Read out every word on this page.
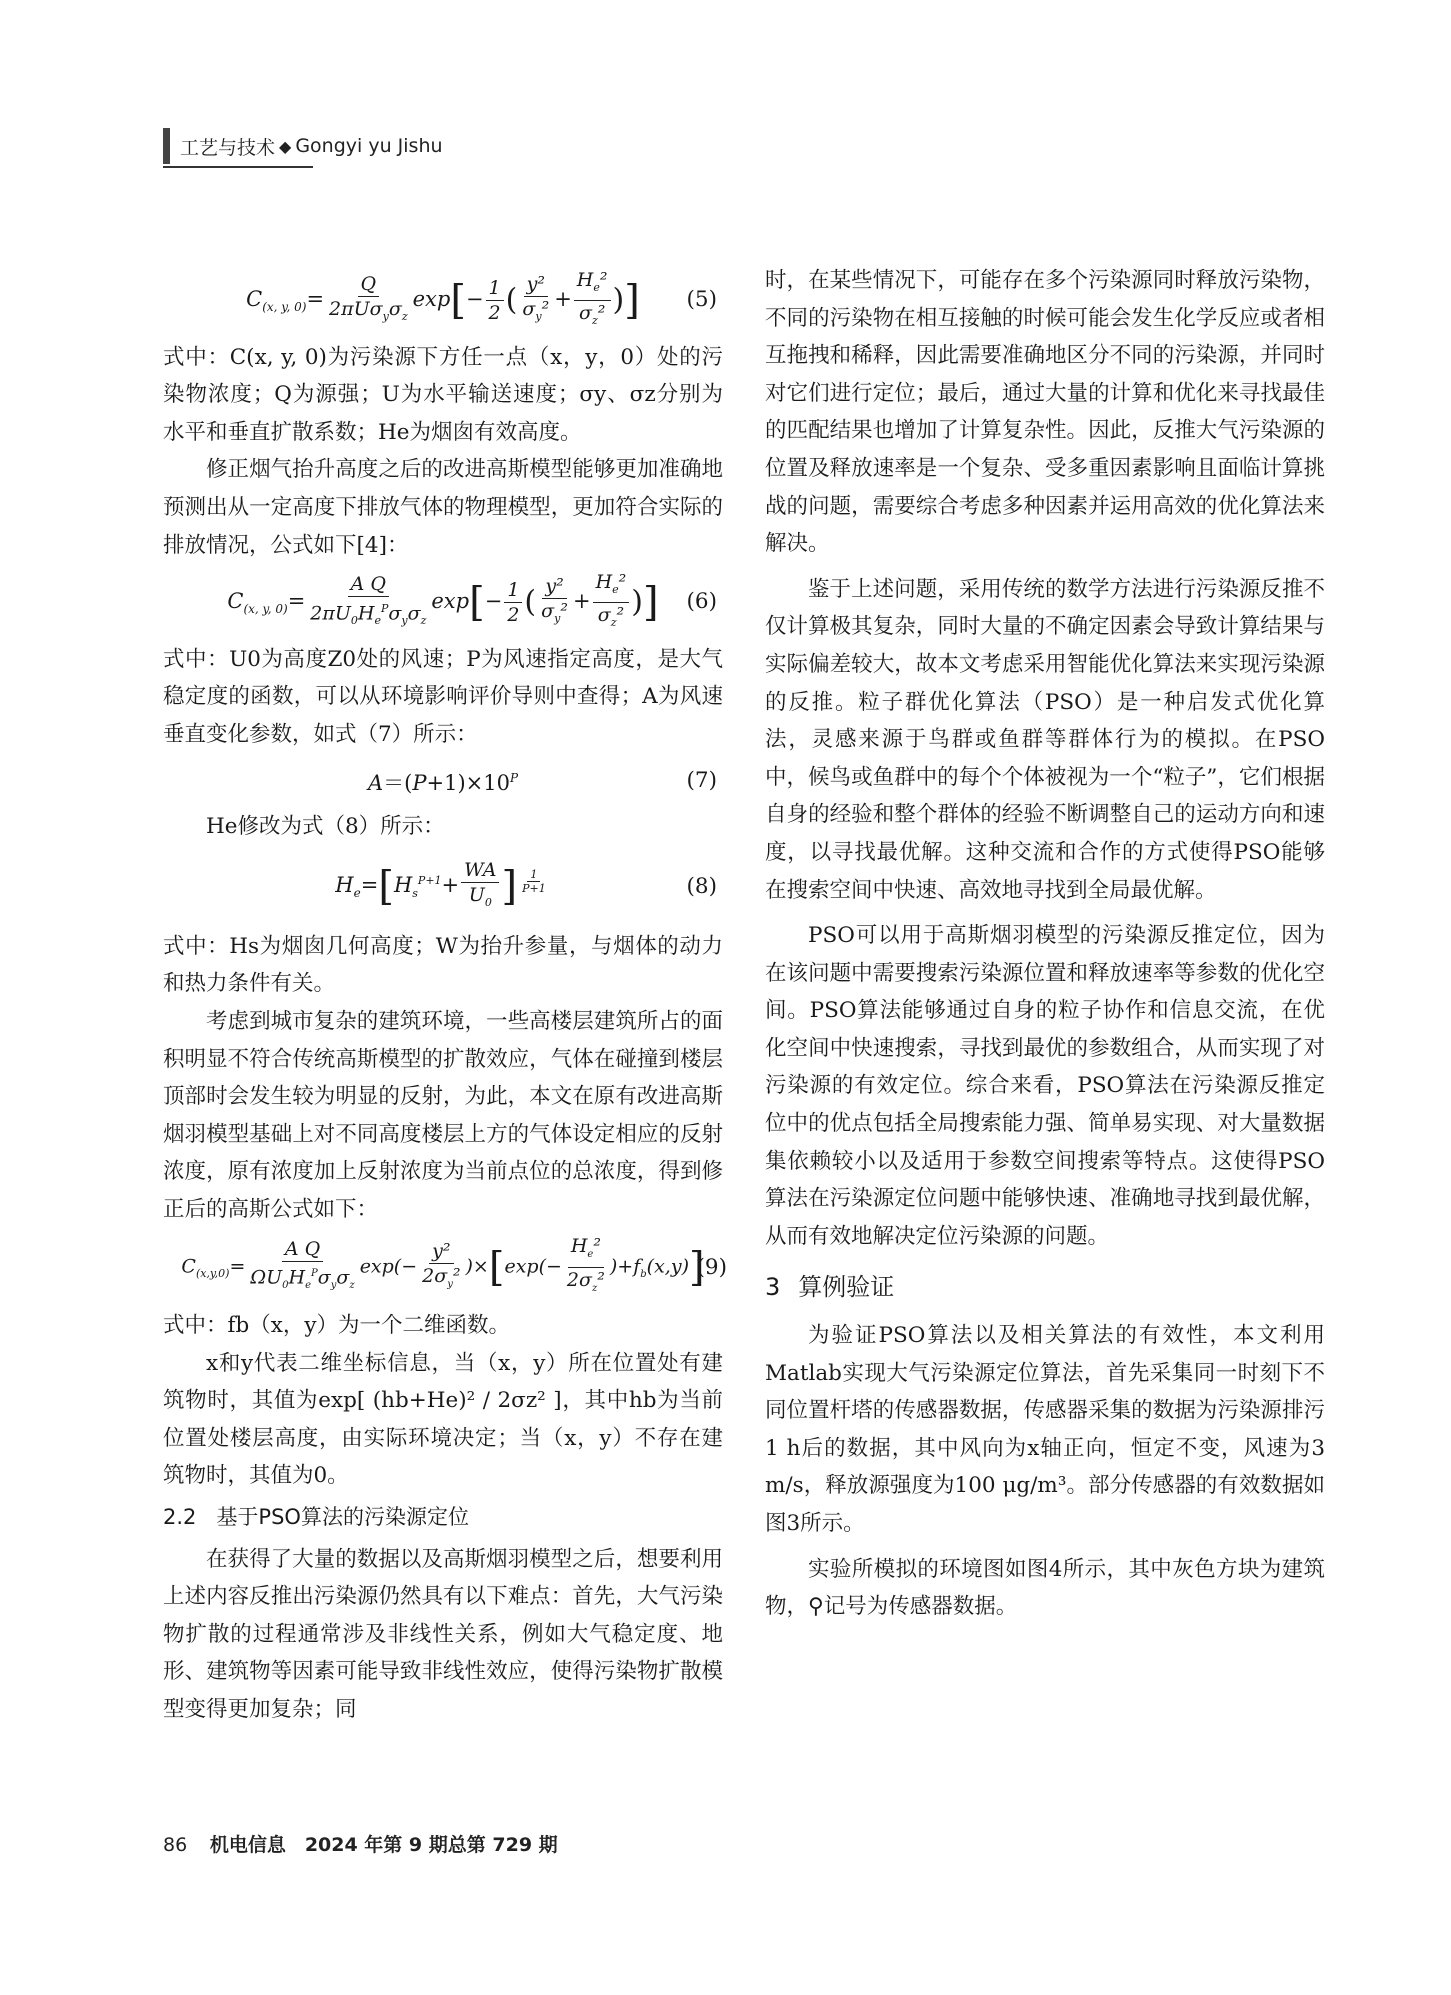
工艺与技术 ◆ Gongyi yu Jishu
$C_{(x, y, 0)}= \frac{Q}{2\pi U\sigma_y\sigma_z} \exp[- \frac{1}{2}$ ( $\frac{\text{y²}}{\sigma_y^2} + \frac{H_e^2}{\sigma_z^2}$ )] (5)

式中：C(x, y, 0)为污染源下方任一点（x，y，0）处的污染物浓度；Q为源强；U为水平输送速度；σy、σz分别为水平和垂直扩散系数；He为烟囱有效高度。

修正烟气抬升高度之后的改进高斯模型能够更加准确地预测出从一定高度下排放气体的物理模型，更加符合实际的排放情况，公式如下[4]：

$C_{(x, y, 0)}= \frac{\text{A Q}}{2\pi U_0H_e^P\sigma_y\sigma_z} \exp[- \frac{1}{2}$ ( $\frac{\text{y²}}{\sigma_y^2} + \frac{H_e^2}{\sigma_z^2}$ )] (6)

式中：U0为高度Z0处的风速；P为风速指定高度，是大气稳定度的函数，可以从环境影响评价导则中查得；A为风速垂直变化参数，如式（7）所示：

$A=(P+1)\times 10^P$	(7)

He修改为式（8）所示：

$H_e=[H_s^{P+1}+ \frac{WA}{U_0}$ ] $^{\frac{1}{P+1}}$	(8)

式中：Hs为烟囱几何高度；W为抬升参量，与烟体的动力和热力条件有关。

考虑到城市复杂的建筑环境，一些高楼层建筑所占的面积明显不符合传统高斯模型的扩散效应，气体在碰撞到楼层顶部时会发生较为明显的反射，为此，本文在原有改进高斯烟羽模型基础上对不同高度楼层上方的气体设定相应的反射浓度，原有浓度加上反射浓度为当前点位的总浓度，得到修正后的高斯公式如下：

$C_{(x,y,0)}= \frac{\text{A Q}}{\Omega U_0H_e^P\sigma_y\sigma_z} \exp(- \frac{\text{y²}}{2\sigma_y^2} )\times[\exp(- \frac{H_e^2}{2\sigma_z^2} )+f_b(x,y)]$
(9)

式中：fb（x，y）为一个二维函数。

x和y代表二维坐标信息，当（x，y）所在位置处有建筑物时，其值为exp[ (hb+He)² / 2σz² ]，其中hb为当前位置处楼层高度，由实际环境决定；当（x，y）不存在建筑物时，其值为0。

2.2 基于PSO算法的污染源定位

在获得了大量的数据以及高斯烟羽模型之后，想要利用上述内容反推出污染源仍然具有以下难点：首先，大气污染物扩散的过程通常涉及非线性关系，例如大气稳定度、地形、建筑物等因素可能导致非线性效应，使得污染物扩散模型变得更加复杂；同

时，在某些情况下，可能存在多个污染源同时释放污染物，不同的污染物在相互接触的时候可能会发生化学反应或者相互拖拽和稀释，因此需要准确地区分不同的污染源，并同时对它们进行定位；最后，通过大量的计算和优化来寻找最佳的匹配结果也增加了计算复杂性。因此，反推大气污染源的位置及释放速率是一个复杂、受多重因素影响且面临计算挑战的问题，需要综合考虑多种因素并运用高效的优化算法来解决。

鉴于上述问题，采用传统的数学方法进行污染源反推不仅计算极其复杂，同时大量的不确定因素会导致计算结果与实际偏差较大，故本文考虑采用智能优化算法来实现污染源的反推。粒子群优化算法（PSO）是一种启发式优化算法，灵感来源于鸟群或鱼群等群体行为的模拟。在PSO中，候鸟或鱼群中的每个个体被视为一个“粒子”，它们根据自身的经验和整个群体的经验不断调整自己的运动方向和速度，以寻找最优解。这种交流和合作的方式使得PSO能够在搜索空间中快速、高效地寻找到全局最优解。

PSO可以用于高斯烟羽模型的污染源反推定位，因为在该问题中需要搜索污染源位置和释放速率等参数的优化空间。PSO算法能够通过自身的粒子协作和信息交流，在优化空间中快速搜索，寻找到最优的参数组合，从而实现了对污染源的有效定位。综合来看，PSO算法在污染源反推定位中的优点包括全局搜索能力强、简单易实现、对大量数据集依赖较小以及适用于参数空间搜索等特点。这使得PSO算法在污染源定位问题中能够快速、准确地寻找到最优解，从而有效地解决定位污染源的问题。

3 算例验证

为验证PSO算法以及相关算法的有效性，本文利用Matlab实现大气污染源定位算法，首先采集同一时刻下不同位置杆塔的传感器数据，传感器采集的数据为污染源排污1 h后的数据，其中风向为x轴正向，恒定不变，风速为3 m/s，释放源强度为100 μg/m³。部分传感器的有效数据如图3所示。

实验所模拟的环境图如图4所示，其中灰色方块为建筑物，⚲记号为传感器数据。

86 机电信息　2024 年第 9 期总第 729 期
